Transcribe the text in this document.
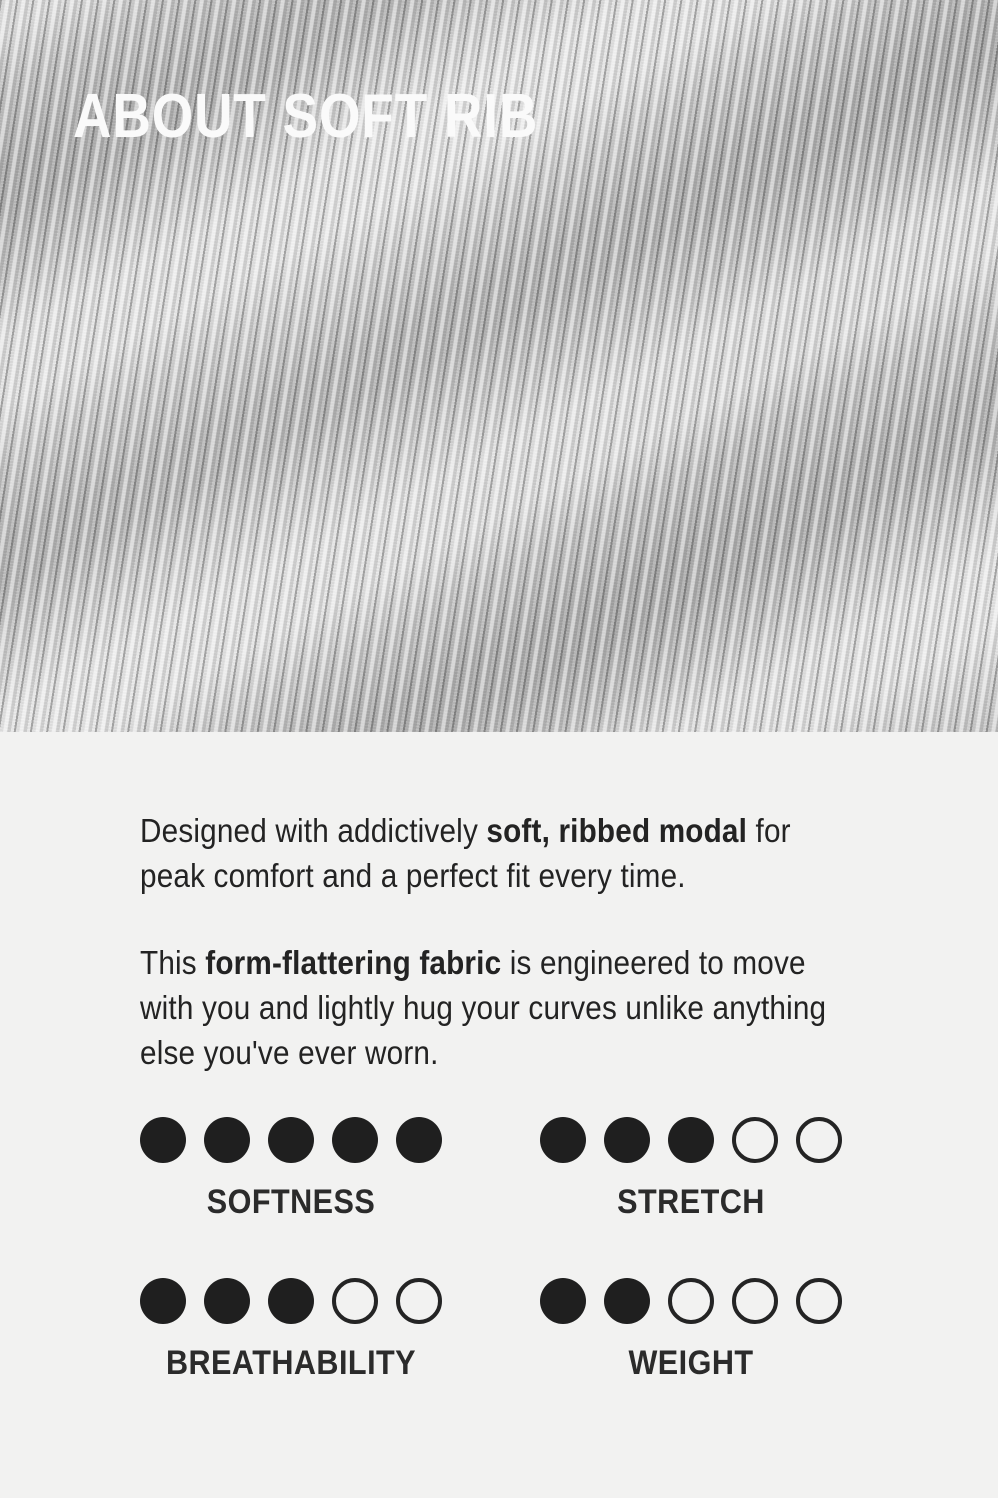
ABOUT SOFT RIB

Designed with addictively soft, ribbed modal for
peak comfort and a perfect fit every time.

This form-flattering fabric is engineered to move
with you and lightly hug your curves unlike anything
else you've ever worn.

SOFTNESS	STRETCH
BREATHABILITY	WEIGHT
